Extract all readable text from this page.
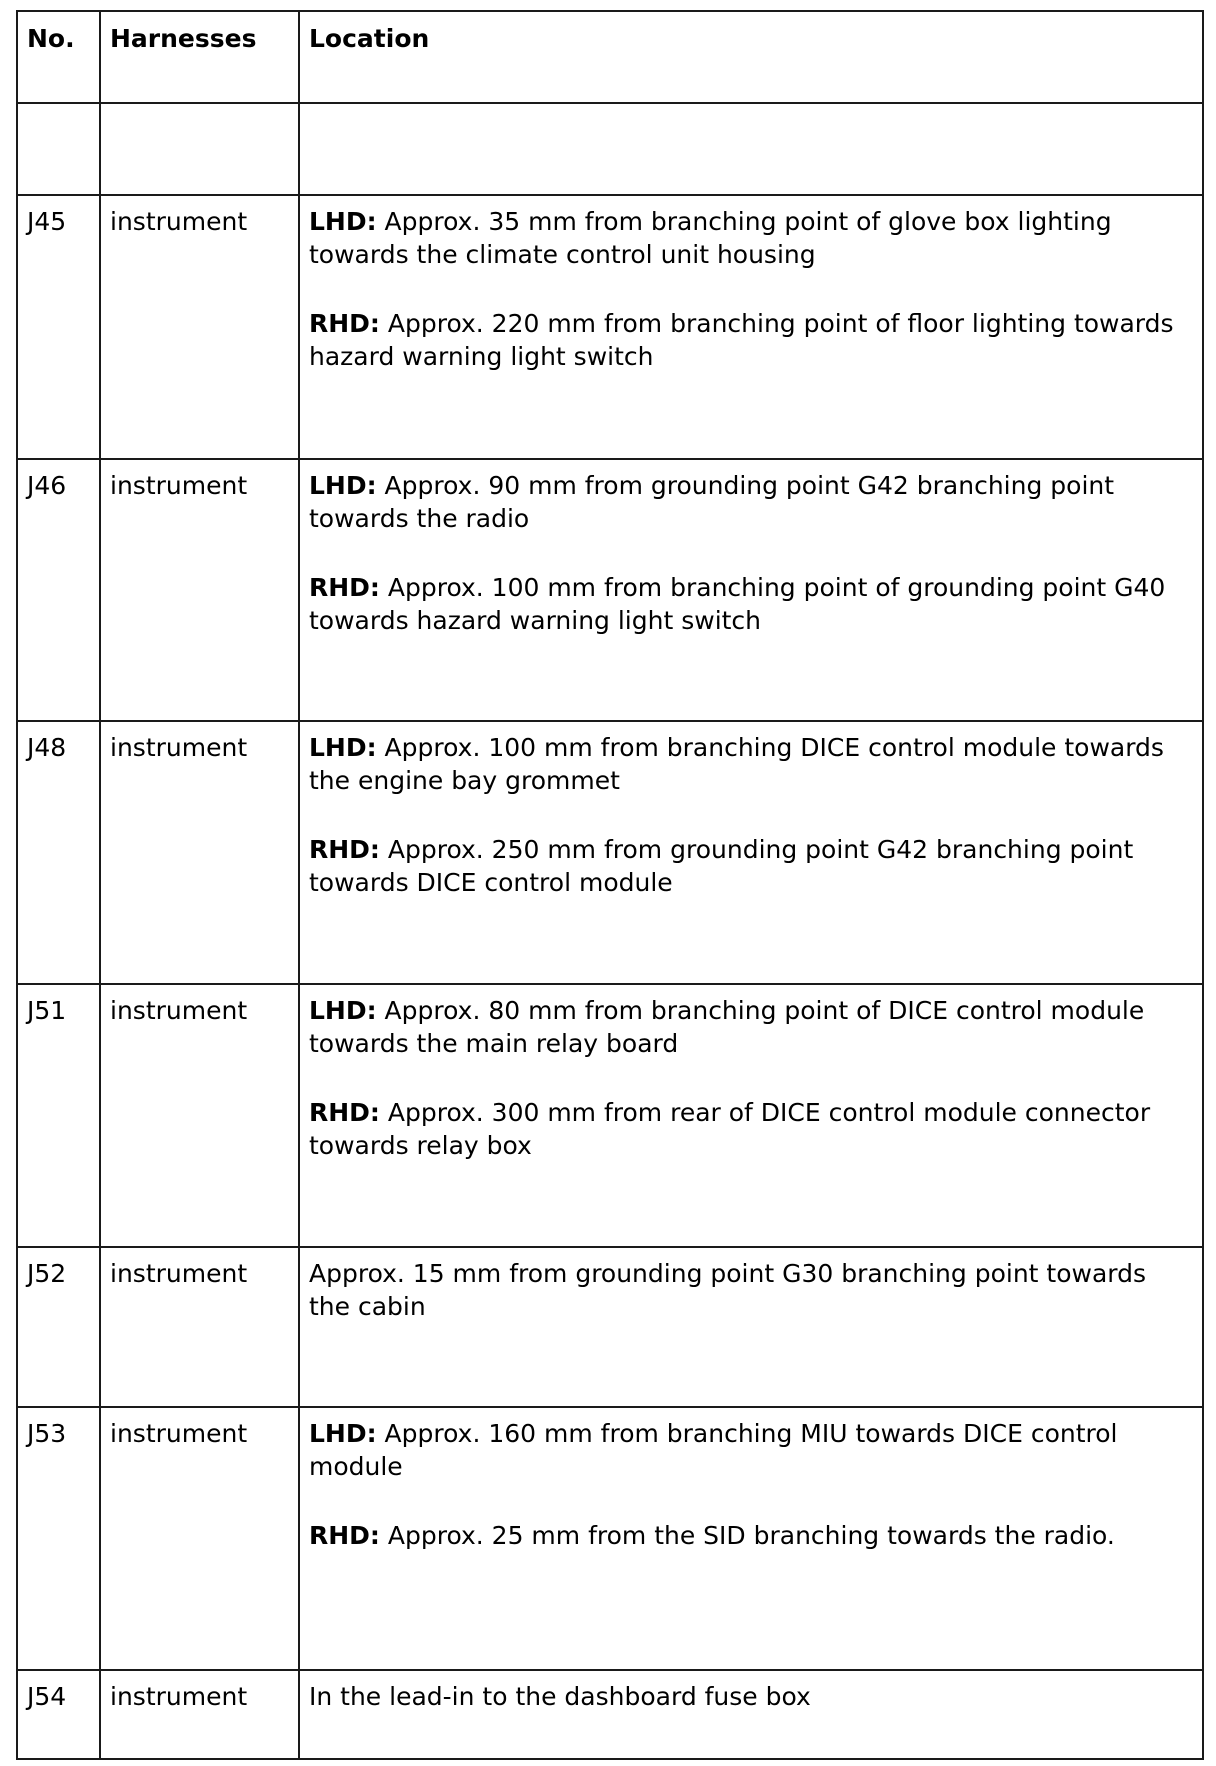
No.	Harnesses	Location

J45	instrument	LHD: Approx. 35 mm from branching point of glove box lighting towards the climate control unit housing
RHD: Approx. 220 mm from branching point of floor lighting towards hazard warning light switch

J46	instrument	LHD: Approx. 90 mm from grounding point G42 branching point towards the radio
RHD: Approx. 100 mm from branching point of grounding point G40 towards hazard warning light switch

J48	instrument	LHD: Approx. 100 mm from branching DICE control module towards the engine bay grommet
RHD: Approx. 250 mm from grounding point G42 branching point towards DICE control module

J51	instrument	LHD: Approx. 80 mm from branching point of DICE control module towards the main relay board
RHD: Approx. 300 mm from rear of DICE control module connector towards relay box

J52	instrument	Approx. 15 mm from grounding point G30 branching point towards the cabin
J53	instrument	LHD: Approx. 160 mm from branching MIU towards DICE control module
RHD: Approx. 25 mm from the SID branching towards the radio.

J54	instrument	In the lead-in to the dashboard fuse box
